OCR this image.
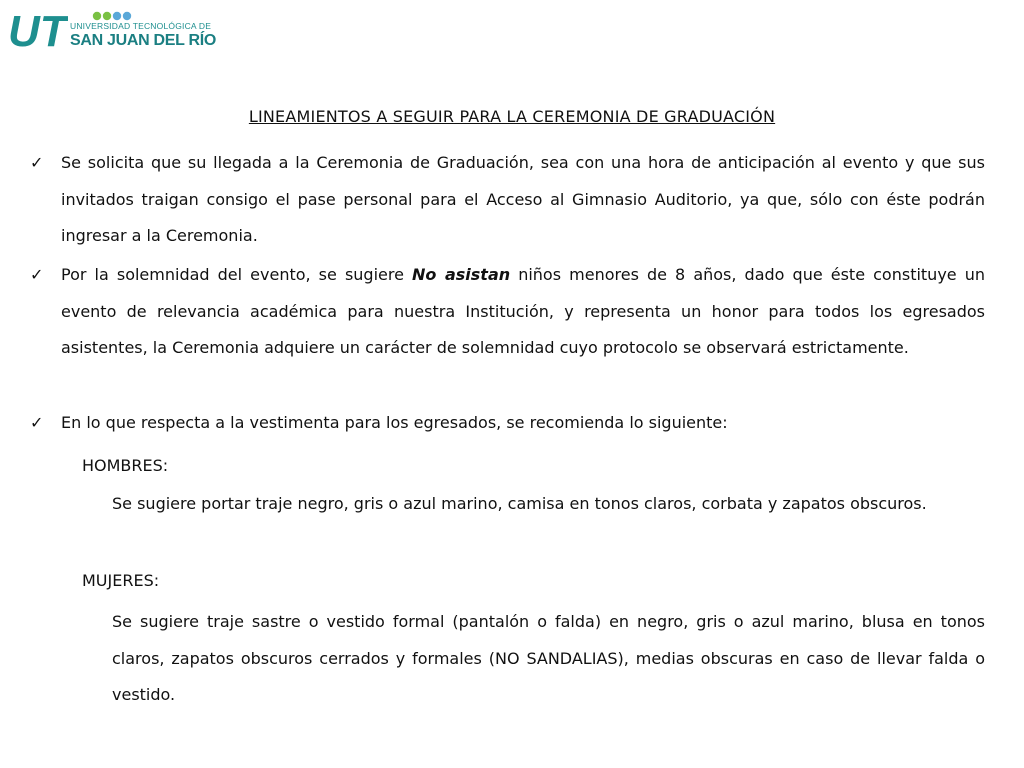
UT UNIVERSIDAD TECNOLÓGICA DE
SAN JUAN DEL RÍO
LINEAMIENTOS A SEGUIR PARA LA CEREMONIA DE GRADUACIÓN
✓ Se solicita que su llegada a la Ceremonia de Graduación, sea con una hora de anticipación al evento y que sus invitados traigan consigo el pase personal para el Acceso al Gimnasio Auditorio, ya que, sólo con éste podrán ingresar a la Ceremonia.
✓ Por la solemnidad del evento, se sugiere No asistan niños menores de 8 años, dado que éste constituye un evento de relevancia académica para nuestra Institución, y representa un honor para todos los egresados asistentes, la Ceremonia adquiere un carácter de solemnidad cuyo protocolo se observará estrictamente.
✓ En lo que respecta a la vestimenta para los egresados, se recomienda lo siguiente:
HOMBRES:
Se sugiere portar traje negro, gris o azul marino, camisa en tonos claros, corbata y zapatos obscuros.
MUJERES:
Se sugiere traje sastre o vestido formal (pantalón o falda) en negro, gris o azul marino, blusa en tonos claros, zapatos obscuros cerrados y formales (NO SANDALIAS), medias obscuras en caso de llevar falda o vestido.
